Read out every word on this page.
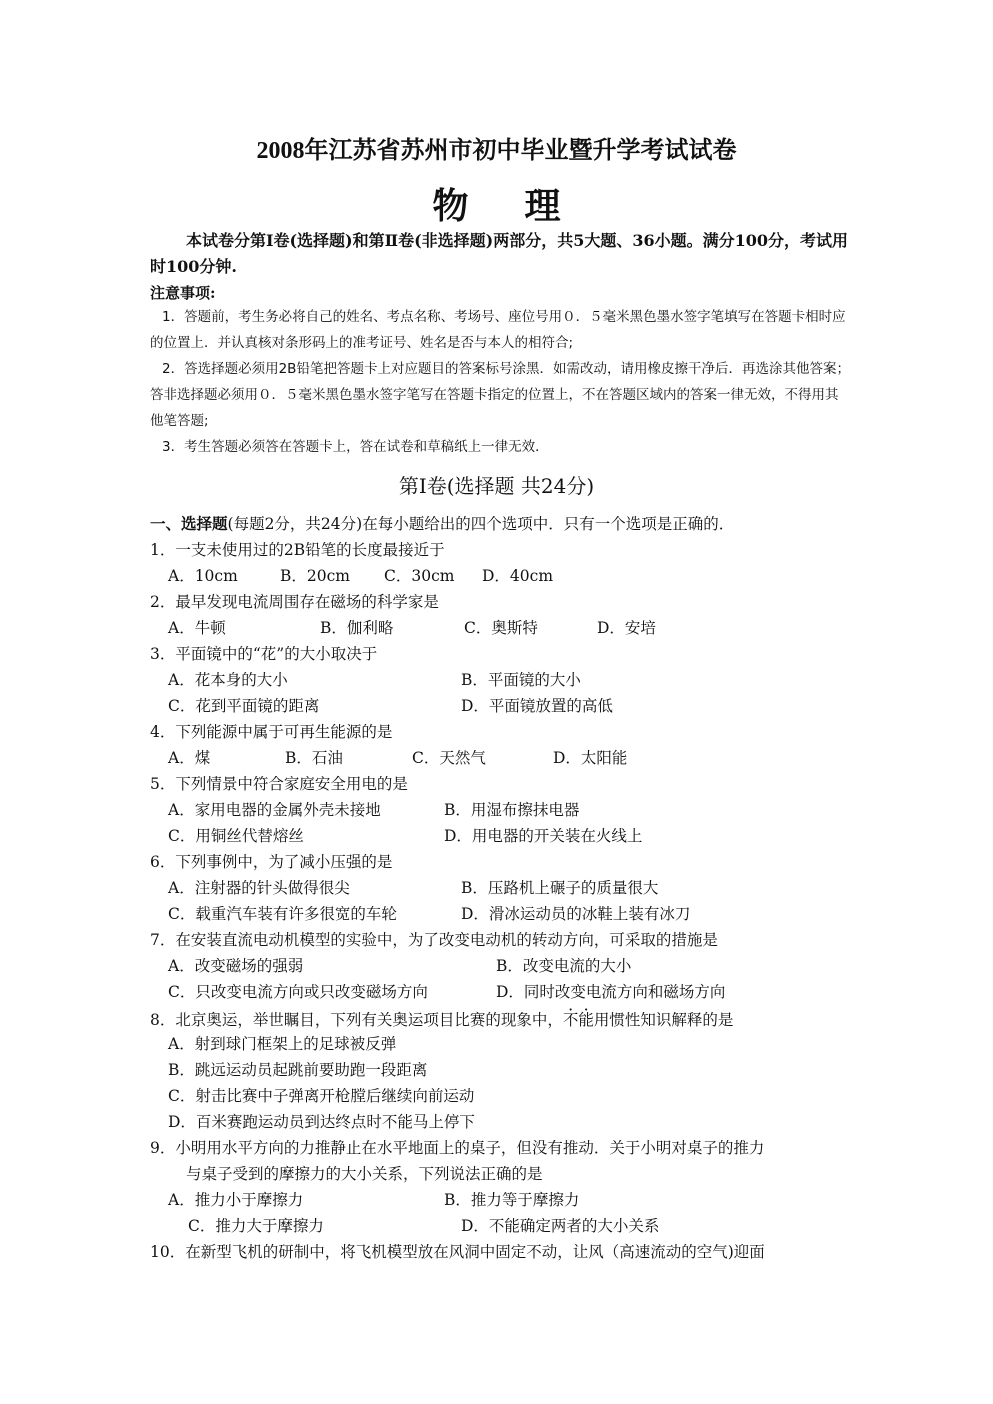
2008年江苏省苏州市初中毕业暨升学考试试卷
物理
本试卷分第Ⅰ卷(选择题)和第Ⅱ卷(非选择题)两部分，共5大题、36小题。满分100分，考试用时100分钟.
注意事项:
1．答题前，考生务必将自己的姓名、考点名称、考场号、座位号用０．５毫米黑色墨水签字笔填写在答题卡相时应的位置上．并认真核对条形码上的准考证号、姓名是否与本人的相符合;
2．答选择题必须用2B铅笔把答题卡上对应题目的答案标号涂黑．如需改动，请用橡皮擦干净后．再选涂其他答案；答非选择题必须用０．５毫米黑色墨水签字笔写在答题卡指定的位置上，不在答题区域内的答案一律无效，不得用其他笔答题;
3．考生答题必须答在答题卡上，答在试卷和草稿纸上一律无效．
第Ⅰ卷(选择题 共24分)
一、选择题(每题2分，共24分)在每小题给出的四个选项中．只有一个选项是正确的．
1．一支未使用过的2B铅笔的长度最接近于
A．10cm	B．20cm C．30cm D．40cm
2．最早发现电流周围存在磁场的科学家是
A．牛顿	B．伽利略	C．奥斯特	D．安培
3．平面镜中的“花”的大小取决于
A．花本身的大小	B．平面镜的大小
C．花到平面镜的距离	D．平面镜放置的高低
4．下列能源中属于可再生能源的是
A．煤	B．石油	C．天然气	D．太阳能
5．下列情景中符合家庭安全用电的是
A．家用电器的金属外壳未接地	B．用湿布擦抹电器
C．用铜丝代替熔丝	D．用电器的开关装在火线上
6．下列事例中，为了减小压强的是
A．注射器的针头做得很尖	B．压路机上碾子的质量很大
C．载重汽车装有许多很宽的车轮	D．滑冰运动员的冰鞋上装有冰刀
7．在安装直流电动机模型的实验中，为了改变电动机的转动方向，可采取的措施是
A．改变磁场的强弱	B．改变电流的大小
C．只改变电流方向或只改变磁场方向	D．同时改变电流方向和磁场方向
8．北京奥运，举世瞩目，下列有关奥运项目比赛的现象中，不能用惯性知识解释的是
A．射到球门框架上的足球被反弹
B．跳远运动员起跳前要助跑一段距离
C．射击比赛中子弹离开枪膛后继续向前运动
D．百米赛跑运动员到达终点时不能马上停下
9．小明用水平方向的力推静止在水平地面上的桌子，但没有推动．关于小明对桌子的推力
与桌子受到的摩擦力的大小关系，下列说法正确的是
A．推力小于摩擦力	B．推力等于摩擦力
C．推力大于摩擦力	D．不能确定两者的大小关系
10．在新型飞机的研制中，将飞机模型放在风洞中固定不动，让风（高速流动的空气)迎面
